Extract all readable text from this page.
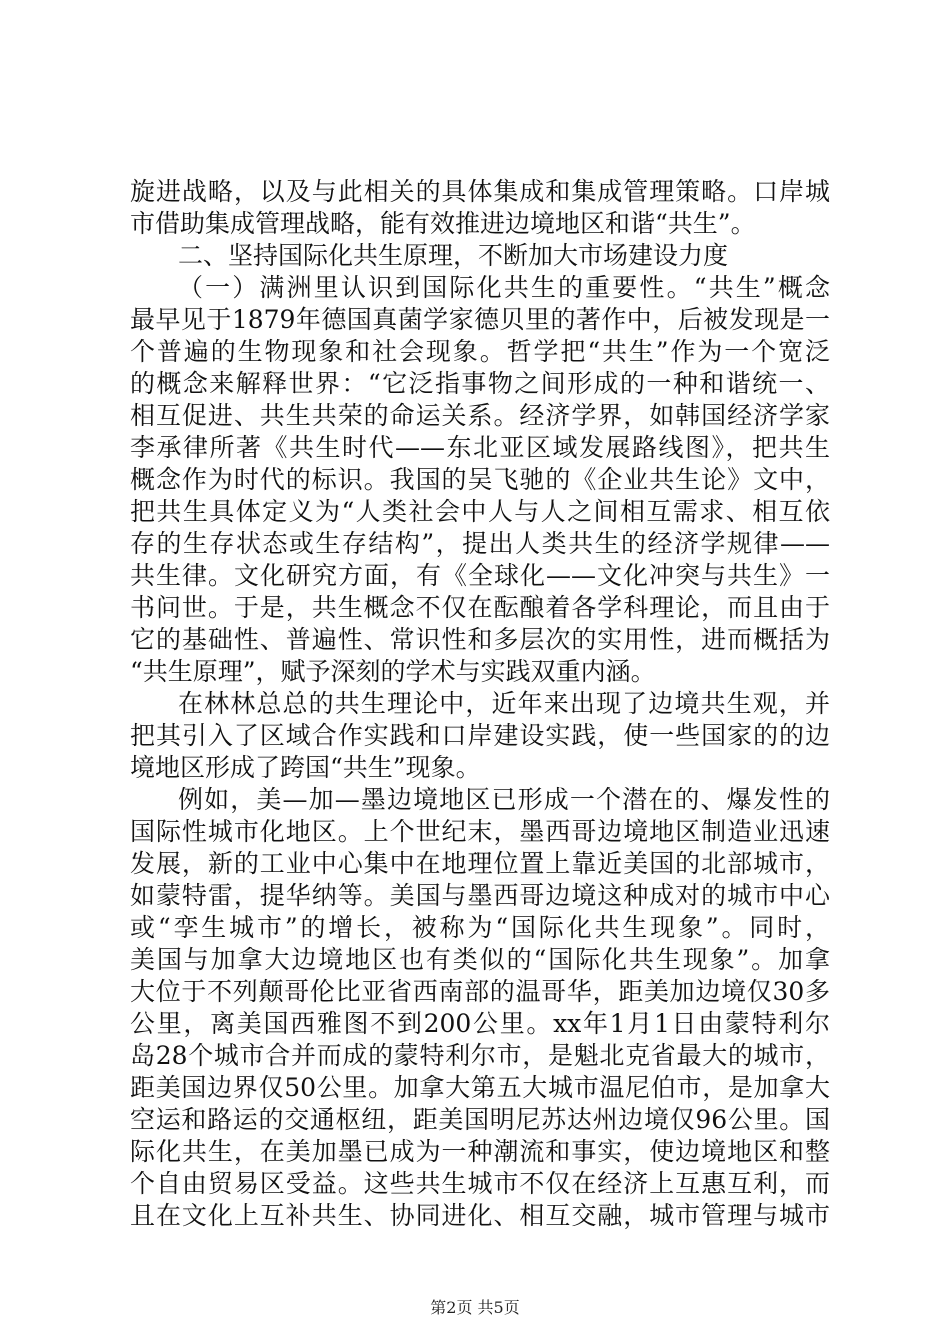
旋进战略，以及与此相关的具体集成和集成管理策略。口岸城
市借助集成管理战略，能有效推进边境地区和谐“共生”。
二、坚持国际化共生原理，不断加大市场建设力度
（一）满洲里认识到国际化共生的重要性。“共生”概念
最早见于1879年德国真菌学家德贝里的著作中，后被发现是一
个普遍的生物现象和社会现象。哲学把“共生”作为一个宽泛
的概念来解释世界：“它泛指事物之间形成的一种和谐统一、
相互促进、共生共荣的命运关系。经济学界，如韩国经济学家
李承律所著《共生时代——东北亚区域发展路线图》，把共生
概念作为时代的标识。我国的吴飞驰的《企业共生论》文中，
把共生具体定义为“人类社会中人与人之间相互需求、相互依
存的生存状态或生存结构”，提出人类共生的经济学规律——
共生律。文化研究方面，有《全球化——文化冲突与共生》一
书问世。于是，共生概念不仅在酝酿着各学科理论，而且由于
它的基础性、普遍性、常识性和多层次的实用性，进而概括为
“共生原理”，赋予深刻的学术与实践双重内涵。
在林林总总的共生理论中，近年来出现了边境共生观，并
把其引入了区域合作实践和口岸建设实践，使一些国家的的边
境地区形成了跨国“共生”现象。
例如，美—加—墨边境地区已形成一个潜在的、爆发性的
国际性城市化地区。上个世纪末，墨西哥边境地区制造业迅速
发展，新的工业中心集中在地理位置上靠近美国的北部城市，
如蒙特雷，提华纳等。美国与墨西哥边境这种成对的城市中心
或“孪生城市”的增长，被称为“国际化共生现象”。同时，
美国与加拿大边境地区也有类似的“国际化共生现象”。加拿
大位于不列颠哥伦比亚省西南部的温哥华，距美加边境仅30多
公里，离美国西雅图不到200公里。xx年1月1日由蒙特利尔
岛28个城市合并而成的蒙特利尔市，是魁北克省最大的城市，
距美国边界仅50公里。加拿大第五大城市温尼伯市，是加拿大
空运和路运的交通枢纽，距美国明尼苏达州边境仅96公里。国
际化共生，在美加墨已成为一种潮流和事实，使边境地区和整
个自由贸易区受益。这些共生城市不仅在经济上互惠互利，而
且在文化上互补共生、协同进化、相互交融，城市管理与城市
第2页 共5页
